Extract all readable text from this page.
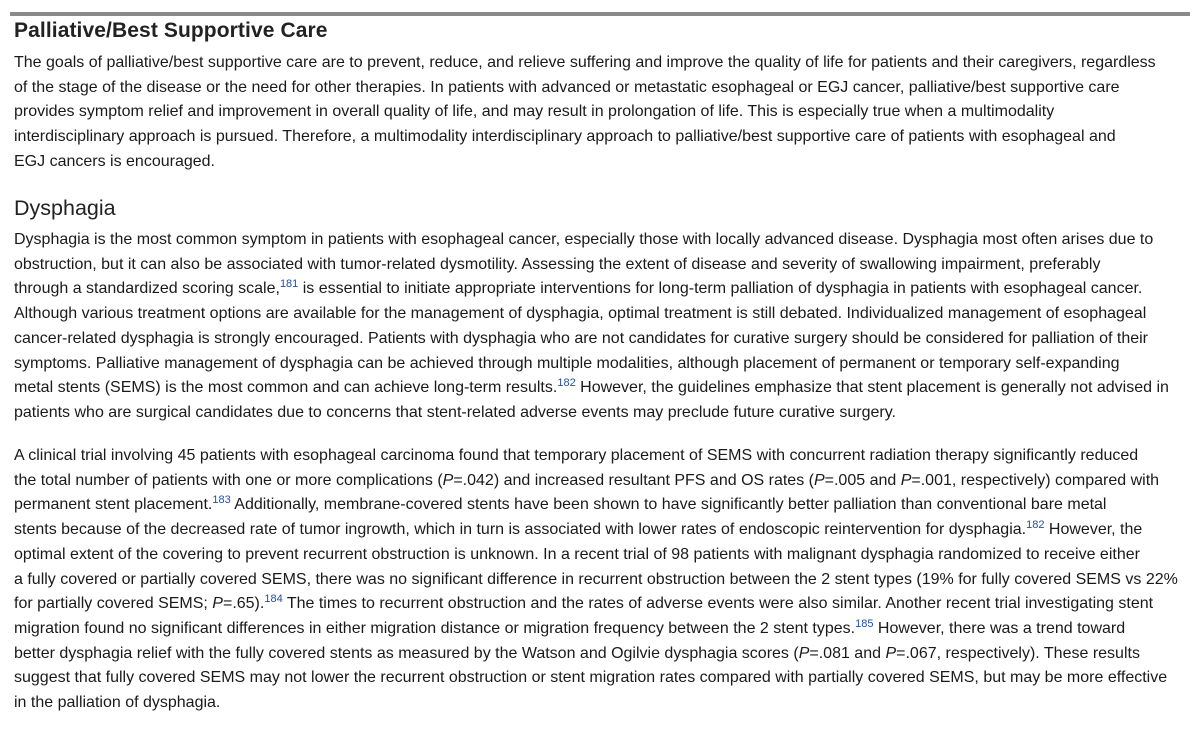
Palliative/Best Supportive Care

The goals of palliative/best supportive care are to prevent, reduce, and relieve suffering and improve the quality of life for patients and their caregivers, regardless
of the stage of the disease or the need for other therapies. In patients with advanced or metastatic esophageal or EGJ cancer, palliative/best supportive care
provides symptom relief and improvement in overall quality of life, and may result in prolongation of life. This is especially true when a multimodality
interdisciplinary approach is pursued. Therefore, a multimodality interdisciplinary approach to palliative/best supportive care of patients with esophageal and
EGJ cancers is encouraged.

Dysphagia

Dysphagia is the most common symptom in patients with esophageal cancer, especially those with locally advanced disease. Dysphagia most often arises due to
obstruction, but it can also be associated with tumor-related dysmotility. Assessing the extent of disease and severity of swallowing impairment, preferably
through a standardized scoring scale,$^{181}$ is essential to initiate appropriate interventions for long-term palliation of dysphagia in patients with esophageal cancer.
Although various treatment options are available for the management of dysphagia, optimal treatment is still debated. Individualized management of esophageal
cancer-related dysphagia is strongly encouraged. Patients with dysphagia who are not candidates for curative surgery should be considered for palliation of their
symptoms. Palliative management of dysphagia can be achieved through multiple modalities, although placement of permanent or temporary self-expanding
metal stents (SEMS) is the most common and can achieve long-term results.$^{182}$ However, the guidelines emphasize that stent placement is generally not advised in
patients who are surgical candidates due to concerns that stent-related adverse events may preclude future curative surgery.

A clinical trial involving 45 patients with esophageal carcinoma found that temporary placement of SEMS with concurrent radiation therapy significantly reduced
the total number of patients with one or more complications (P=.042) and increased resultant PFS and OS rates (P=.005 and P=.001, respectively) compared with
permanent stent placement.$^{183}$ Additionally, membrane-covered stents have been shown to have significantly better palliation than conventional bare metal
stents because of the decreased rate of tumor ingrowth, which in turn is associated with lower rates of endoscopic reintervention for dysphagia.$^{182}$ However, the
optimal extent of the covering to prevent recurrent obstruction is unknown. In a recent trial of 98 patients with malignant dysphagia randomized to receive either
a fully covered or partially covered SEMS, there was no significant difference in recurrent obstruction between the 2 stent types (19% for fully covered SEMS vs 22%
for partially covered SEMS; P=.65).$^{184}$ The times to recurrent obstruction and the rates of adverse events were also similar. Another recent trial investigating stent
migration found no significant differences in either migration distance or migration frequency between the 2 stent types.$^{185}$ However, there was a trend toward
better dysphagia relief with the fully covered stents as measured by the Watson and Ogilvie dysphagia scores (P=.081 and P=.067, respectively). These results
suggest that fully covered SEMS may not lower the recurrent obstruction or stent migration rates compared with partially covered SEMS, but may be more effective
in the palliation of dysphagia.
